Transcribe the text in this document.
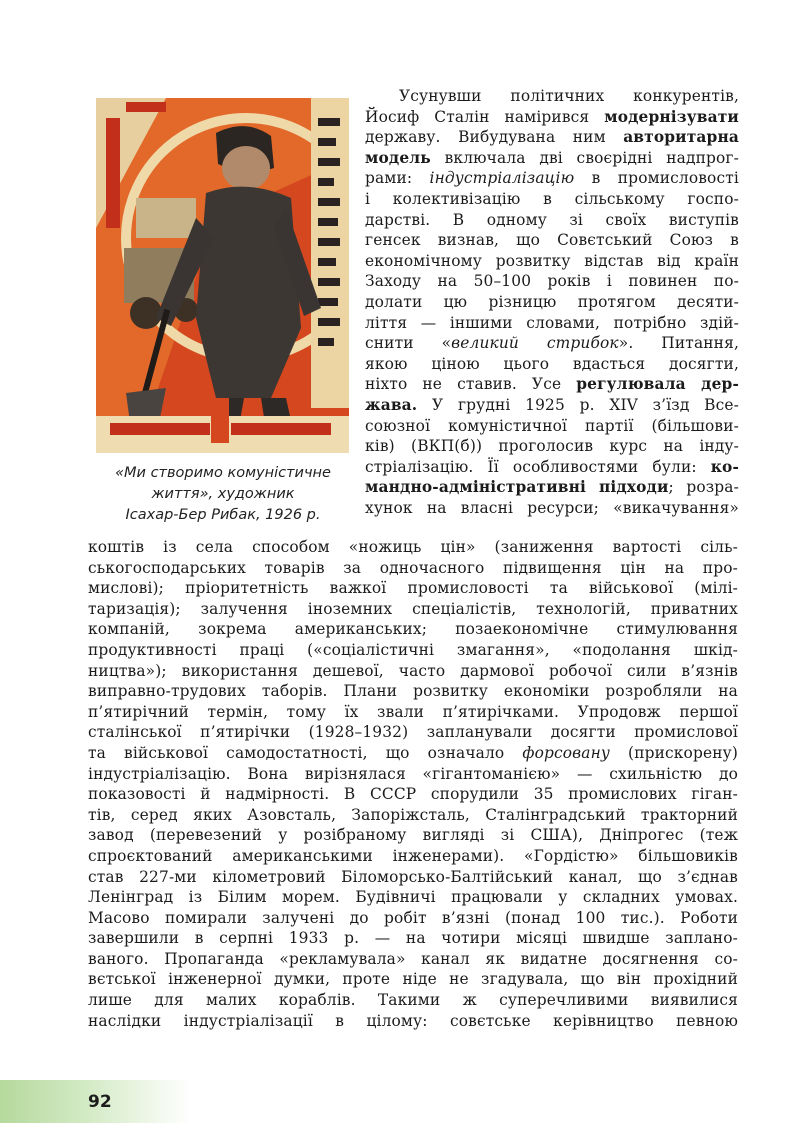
«Ми створимо комуністичне
життя», художник
Ісахар-Бер Рибак, 1926 р.
Усунувши політичних конкурентів,
Йосиф Сталін наміривcя модернізувати
державу. Вибудувана ним авторитарна
модель включала дві своєрідні надпрог-
рами: індустріалізацію в промисловості
і колективізацію в сільському госпо-
дарстві. В одному зі своїх виступів
генсек визнав, що Совєтський Союз в
економічному розвитку відстав від країн
Заходу на 50–100 років і повинен по-
долати цю різницю протягом десяти-
ліття — іншими словами, потрібно здій-
снити «великий стрибок». Питання,
якою ціною цього вдасться досягти,
ніхто не ставив. Усе регулювала дер-
жава. У грудні 1925 р. XIV з’їзд Все-
союзної комуністичної партії (більшови-
ків) (ВКП(б)) проголосив курс на інду-
стріалізацію. Її особливостями були: ко-
мандно-адміністративні підходи; розра-
хунок на власні ресурси; «викачування»
коштів із села способом «ножиць цін» (заниження вартості сіль-
ськогосподарських товарів за одночасного підвищення цін на про-
мислові); пріоритетність важкої промисловості та військової (мілі-
таризація); залучення іноземних спеціалістів, технологій, приватних
компаній, зокрема американських; позаекономічне стимулювання
продуктивності праці («соціалістичні змагання», «подолання шкід-
ництва»); використання дешевої, часто дармової робочої сили в’язнів
виправно-трудових таборів. Плани розвитку економіки розробляли на
п’ятирічний термін, тому їх звали п’ятирічками. Упродовж першої
сталінської п’ятирічки (1928–1932) запланували досягти промислової
та військової самодостатності, що означало форсовану (прискорену)
індустріалізацію. Вона вирізнялася «гігантоманією» — схильністю до
показовості й надмірності. В СССР спорудили 35 промислових гіган-
тів, серед яких Азовсталь, Запоріжсталь, Сталінградський тракторний
завод (перевезений у розібраному вигляді зі США), Дніпрогес (теж
спроєктований американськими інженерами). «Гордістю» більшовиків
став 227-ми кілометровий Біломорсько-Балтійський канал, що з’єднав
Ленінград із Білим морем. Будівничі працювали у складних умовах.
Масово помирали залучені до робіт в’язні (понад 100 тис.). Роботи
завершили в серпні 1933 р. — на чотири місяці швидше заплано-
ваного. Пропаганда «рекламувала» канал як видатне досягнення со-
вєтської інженерної думки, проте ніде не згадувала, що він прохідний
лише для малих кораблів. Такими ж суперечливими виявилися
наслідки індустріалізації в цілому: совєтське керівництво певною
92
